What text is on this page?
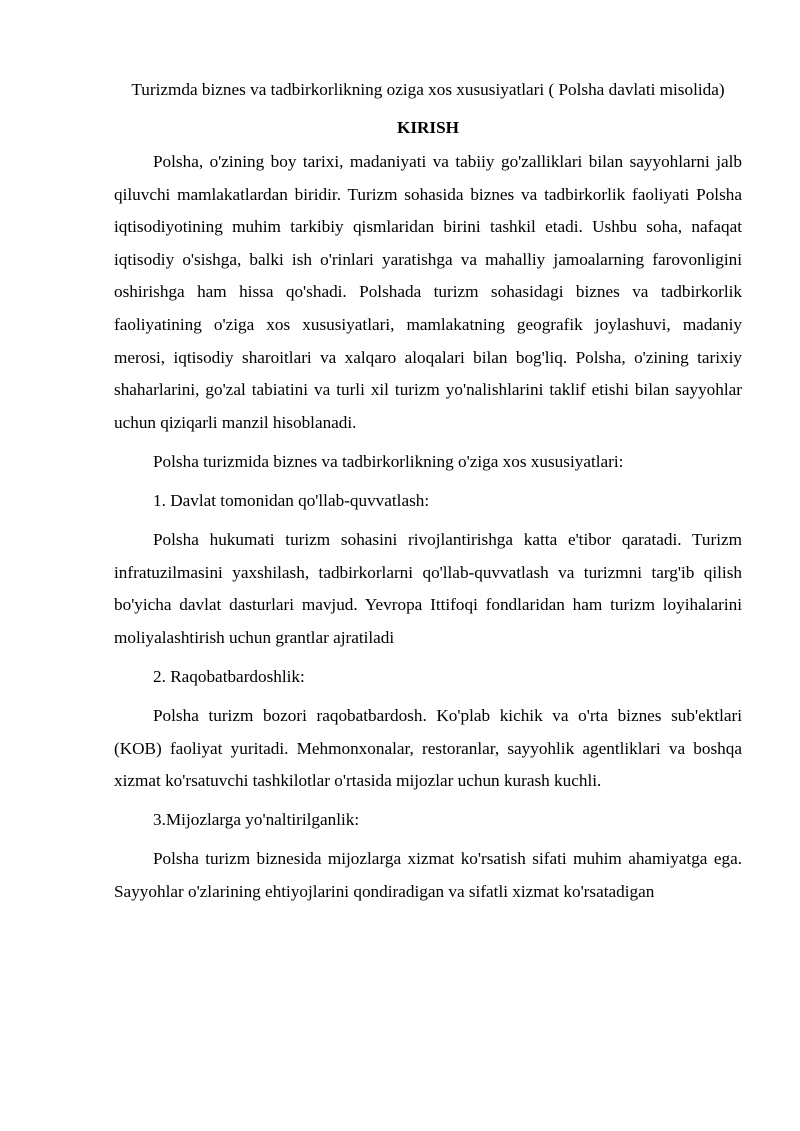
Turizmda biznes va tadbirkorlikning oziga xos xususiyatlari ( Polsha davlati misolida)
KIRISH

Polsha, o'zining boy tarixi, madaniyati va tabiiy go'zalliklari bilan sayyohlarni jalb qiluvchi mamlakatlardan biridir. Turizm sohasida biznes va tadbirkorlik faoliyati Polsha iqtisodiyotining muhim tarkibiy qismlaridan birini tashkil etadi. Ushbu soha, nafaqat iqtisodiy o'sishga, balki ish o'rinlari yaratishga va mahalliy jamoalarning farovonligini oshirishga ham hissa qo'shadi. Polshada turizm sohasidagi biznes va tadbirkorlik faoliyatining o'ziga xos xususiyatlari, mamlakatning geografik joylashuvi, madaniy merosi, iqtisodiy sharoitlari va xalqaro aloqalari bilan bog'liq. Polsha, o'zining tarixiy shaharlarini, go'zal tabiatini va turli xil turizm yo'nalishlarini taklif etishi bilan sayyohlar uchun qiziqarli manzil hisoblanadi.

Polsha turizmida biznes va tadbirkorlikning o'ziga xos xususiyatlari:

1. Davlat tomonidan qo'llab-quvvatlash:

Polsha hukumati turizm sohasini rivojlantirishga katta e'tibor qaratadi. Turizm infratuzilmasini yaxshilash, tadbirkorlarni qo'llab-quvvatlash va turizmni targ'ib qilish bo'yicha davlat dasturlari mavjud. Yevropa Ittifoqi fondlaridan ham turizm loyihalarini moliyalashtirish uchun grantlar ajratiladi

2. Raqobatbardoshlik:

Polsha turizm bozori raqobatbardosh. Ko'plab kichik va o'rta biznes sub'ektlari (KOB) faoliyat yuritadi. Mehmonxonalar, restoranlar, sayyohlik agentliklari va boshqa xizmat ko'rsatuvchi tashkilotlar o'rtasida mijozlar uchun kurash kuchli.

3.Mijozlarga yo'naltirilganlik:

Polsha turizm biznesida mijozlarga xizmat ko'rsatish sifati muhim ahamiyatga ega. Sayyohlar o'zlarining ehtiyojlarini qondiradigan va sifatli xizmat ko'rsatadigan
